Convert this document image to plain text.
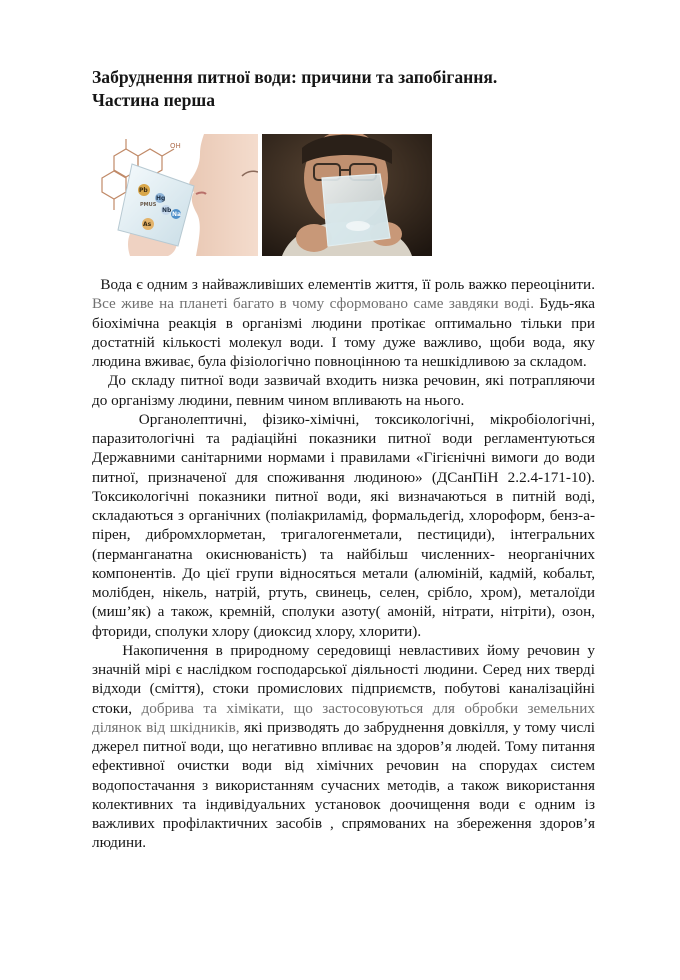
Забруднення питної води: причини та запобігання.
Частина перша
OH
Pb
Hg
Nb
Na
PMUS
As

Вода є одним з найважливіших елементів життя, її роль важко переоцінити. Все живе на планеті багато в чому сформовано саме завдяки воді. Будь-яка біохімічна реакція в організмі людини протікає оптимально тільки при достатній кількості молекул води. І тому дуже важливо, щоби вода, яку людина вживає, була фізіологічно повноцінною та нешкідливою за складом.

До складу питної води зазвичай входить низка речовин, які потрапляючи до організму людини, певним чином впливають на нього.

Органолептичні, фізико-хімічні, токсикологічні, мікробіологічні, паразитологічні та радіаційні показники питної води регламентуються Державними санітарними нормами і правилами «Гігієнічні вимоги до води питної, призначеної для споживання людиною» (ДСанПіН 2.2.4-171-10). Токсикологічні показники питної води, які визначаються в питній воді, складаються з органічних (поліакриламід, формальдегід, хлороформ, бенз-а-пірен, дибромхлорметан, тригалогенметали, пестициди), інтегральних (перманганатна окиснюваність) та найбільш численних- неорганічних компонентів. До цієї групи відносяться метали (алюміній, кадмій, кобальт, молібден, нікель, натрій, ртуть, свинець, селен, срібло, хром), металоїди (миш’як) а також, кремній, сполуки азоту( амоній, нітрати, нітріти), озон, фториди, сполуки хлору (диоксид хлору, хлорити).

Накопичення в природному середовищі невластивих йому речовин у значній мірі є наслідком господарської діяльності людини. Серед них тверді відходи (сміття), стоки промислових підприємств, побутові каналізаційні стоки, добрива та хімікати, що застосовуються для обробки земельних ділянок від шкідників, які призводять до забруднення довкілля, у тому числі джерел питної води, що негативно впливає на здоров’я людей. Тому питання ефективної очистки води від хімічних речовин на спорудах систем водопостачання з використанням сучасних методів, а також використання колективних та індивідуальних установок доочищення води є одним із важливих профілактичних засобів , спрямованих на збереження здоров’я людини.
